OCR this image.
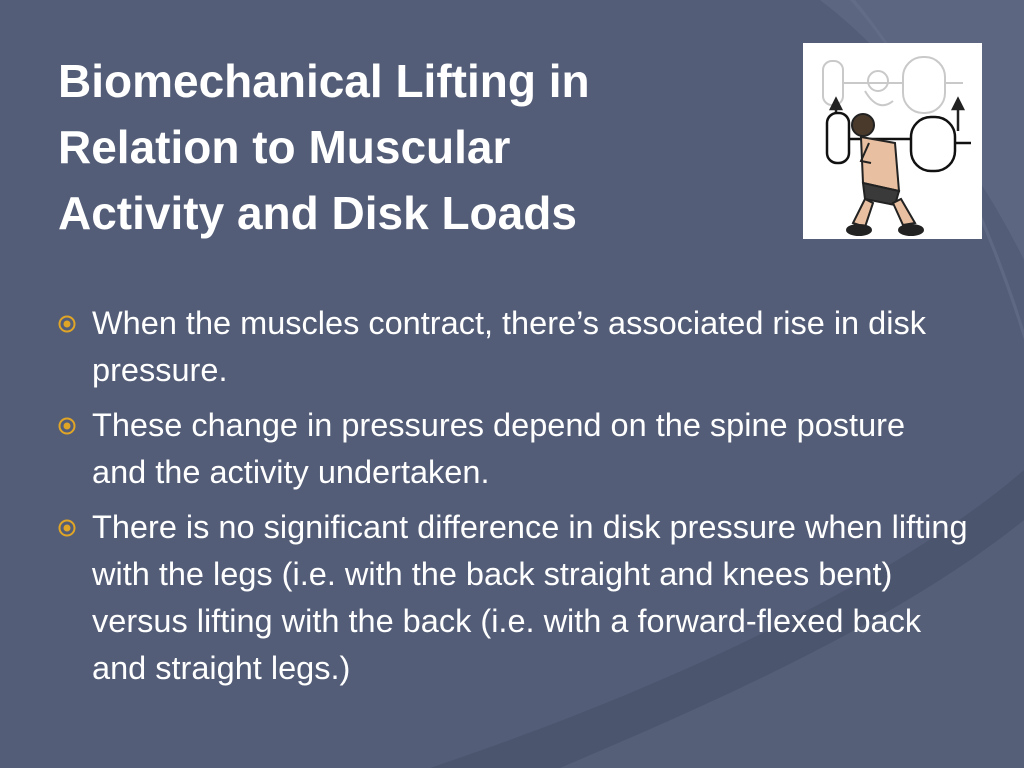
Biomechanical Lifting in
Relation to Muscular
Activity and Disk Loads
When the muscles contract, there’s associated rise in disk pressure.
These change in pressures depend on the spine posture and the activity undertaken.
There is no significant difference in disk pressure when lifting with the legs (i.e. with the back straight and knees bent) versus lifting with the back (i.e. with a forward-flexed back and straight legs.)
